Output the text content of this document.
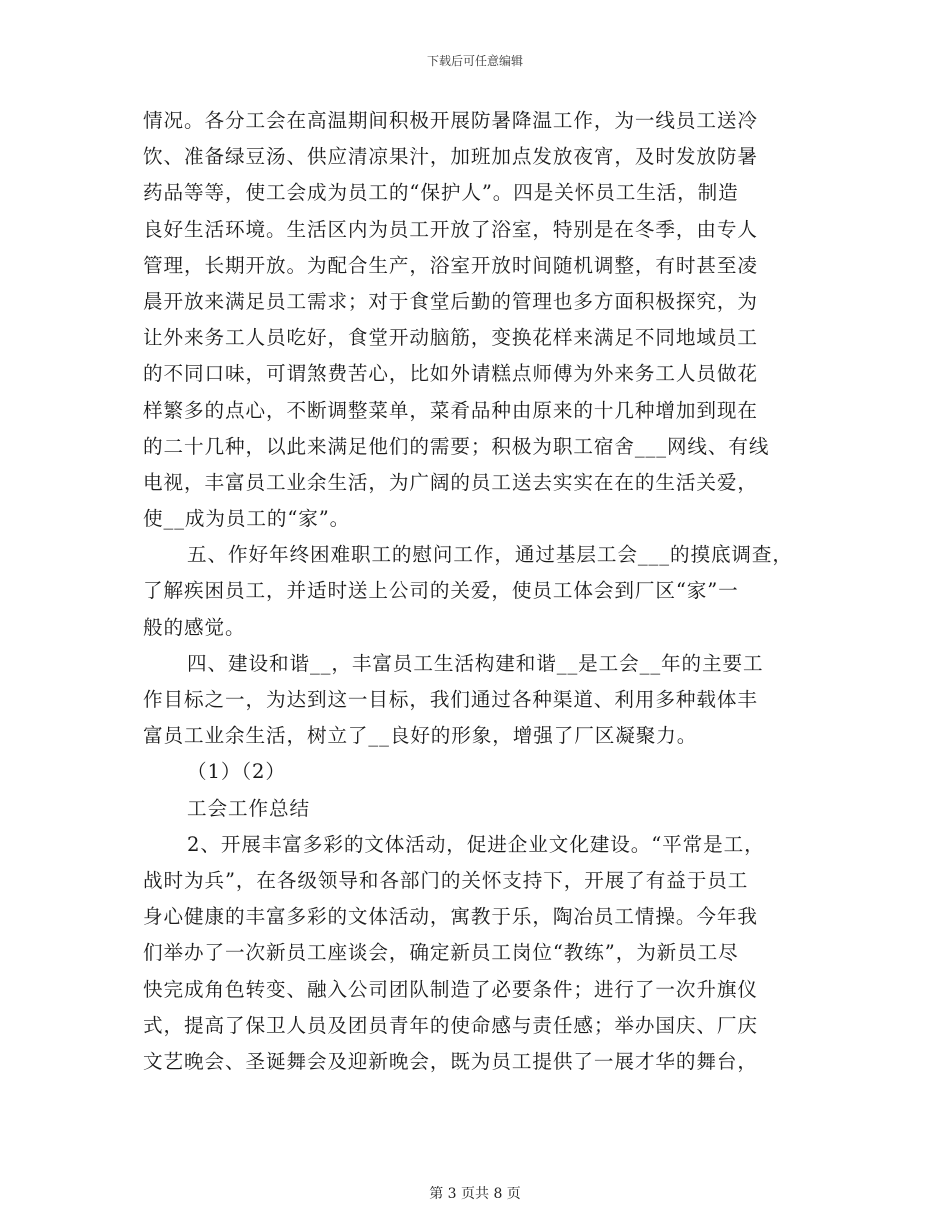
下载后可任意编辑
情况。各分工会在高温期间积极开展防暑降温工作，为一线员工送冷
饮、准备绿豆汤、供应清凉果汁，加班加点发放夜宵，及时发放防暑
药品等等，使工会成为员工的“保护人”。四是关怀员工生活，制造
良好生活环境。生活区内为员工开放了浴室，特别是在冬季，由专人
管理，长期开放。为配合生产，浴室开放时间随机调整，有时甚至凌
晨开放来满足员工需求；对于食堂后勤的管理也多方面积极探究，为
让外来务工人员吃好，食堂开动脑筋，变换花样来满足不同地域员工
的不同口味，可谓煞费苦心，比如外请糕点师傅为外来务工人员做花
样繁多的点心，不断调整菜单，菜肴品种由原来的十几种增加到现在
的二十几种，以此来满足他们的需要；积极为职工宿舍___网线、有线
电视，丰富员工业余生活，为广阔的员工送去实实在在的生活关爱，
使__成为员工的“家”。
五、作好年终困难职工的慰问工作，通过基层工会___的摸底调查，
了解疾困员工，并适时送上公司的关爱，使员工体会到厂区“家”一
般的感觉。
四、建设和谐__，丰富员工生活构建和谐__是工会__年的主要工
作目标之一，为达到这一目标，我们通过各种渠道、利用多种载体丰
富员工业余生活，树立了__良好的形象，增强了厂区凝聚力。
（1）（2）
工会工作总结
2、开展丰富多彩的文体活动，促进企业文化建设。“平常是工，
战时为兵”，在各级领导和各部门的关怀支持下，开展了有益于员工
身心健康的丰富多彩的文体活动，寓教于乐，陶冶员工情操。今年我
们举办了一次新员工座谈会，确定新员工岗位“教练”，为新员工尽
快完成角色转变、融入公司团队制造了必要条件；进行了一次升旗仪
式，提高了保卫人员及团员青年的使命感与责任感；举办国庆、厂庆
文艺晚会、圣诞舞会及迎新晚会，既为员工提供了一展才华的舞台，
第 3 页共 8 页
